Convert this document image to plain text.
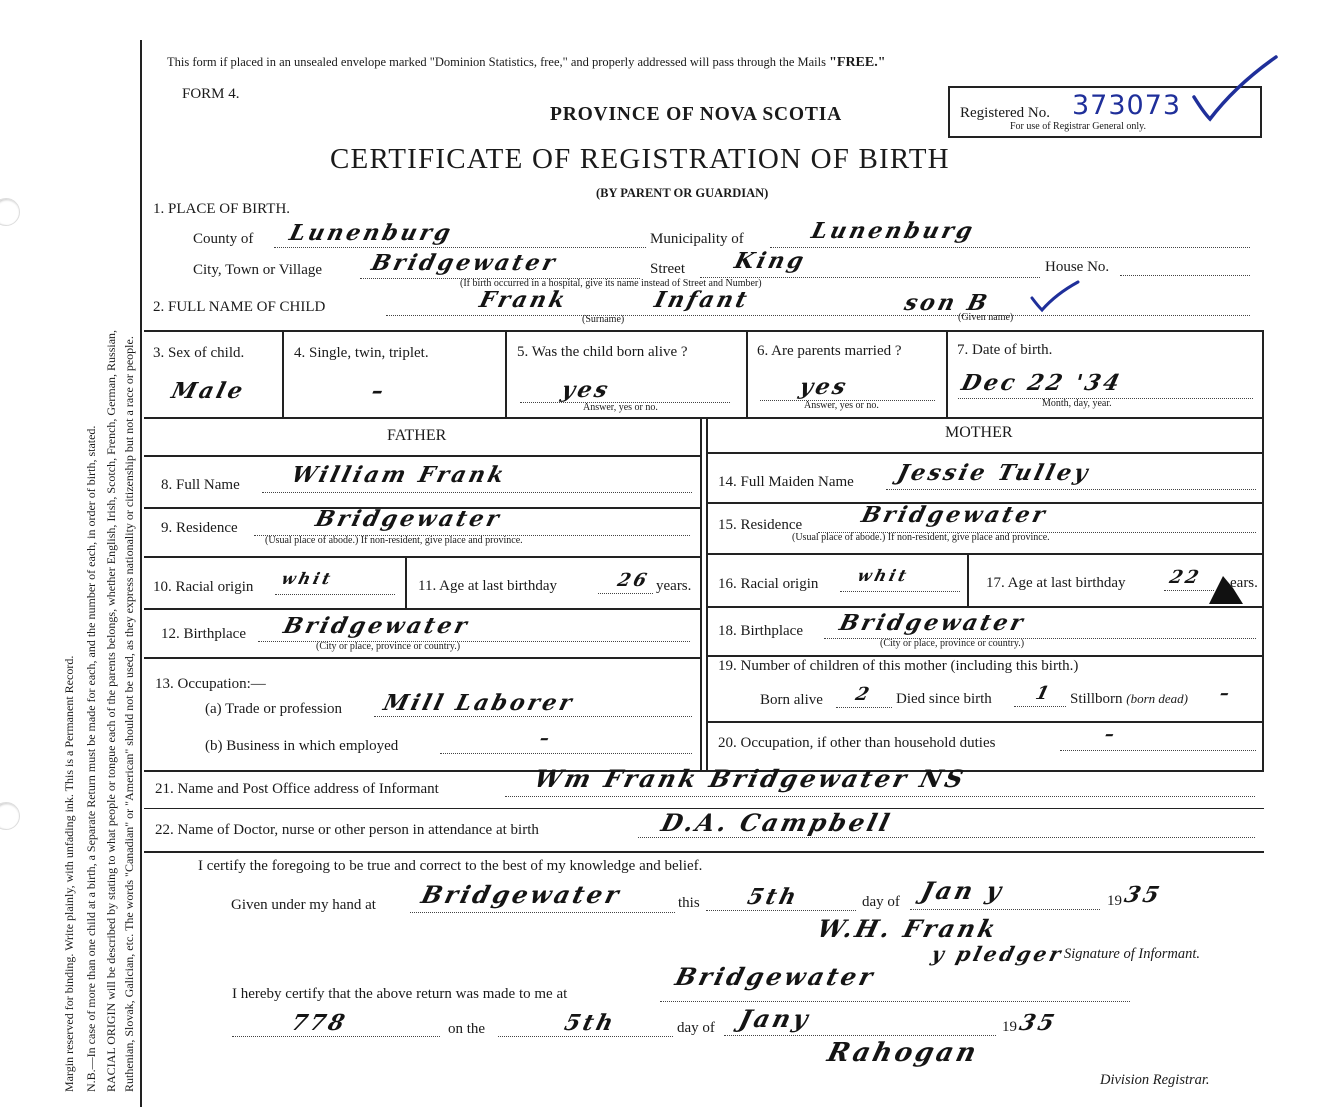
Margin reserved for binding. Write plainly, with unfading ink. This is a Permanent Record. N.B.—In case of more than one child at a birth, a Separate Return must be made for each, and the number of each, in order of birth, stated. RACIAL ORIGIN will be described by stating to what people or tongue each of the parents belongs, whether English, Irish, Scotch, French, German, Russian, Ruthenian, Slovak, Galician, etc. The words "Canadian" or "American" should not be used, as they express nationality or citizenship but not a race or people.
This form if placed in an unsealed envelope marked "Dominion Statistics, free," and properly addressed will pass through the Mails "FREE."
FORM 4.
PROVINCE OF NOVA SCOTIA
CERTIFICATE OF REGISTRATION OF BIRTH
(BY PARENT OR GUARDIAN)
Registered No. 373073
For use of Registrar General only.
1. PLACE OF BIRTH.
County of Lunenburg	Municipality of	Lunenburg
City, Town or Village Bridgewater	Street King	House No.
(If birth occurred in a hospital, give its name instead of Street and Number)
2. FULL NAME OF CHILD	Frank	Infant	son B
(Surname)	(Given name)
3. Sex of child.
Male
4. Single, twin, triplet.
–
5. Was the child born alive ?
yes
Answer, yes or no.
6. Are parents married ?
yes
Answer, yes or no.
7. Date of birth.
Dec 22 '34
Month, day, year.
FATHER
8. Full Name William Frank
9. Residence	Bridgewater
(Usual place of abode.) If non-resident, give place and province.
10. Racial origin whit	11. Age at last birthday	26 years.
12. Birthplace Bridgewater
(City or place, province or country.)
13. Occupation:—
(a) Trade or profession Mill Laborer
(b) Business in which employed	–
MOTHER
14. Full Maiden Name Jessie Tulley
15. Residence	Bridgewater
(Usual place of abode.) If non-resident, give place and province.
16. Racial origin whit	17. Age at last birthday 22 ears.
18. Birthplace Bridgewater
(City or place, province or country.)
19. Number of children of this mother (including this birth.)
Born alive 2 Died since birth 1 Stillborn (born dead) –
20. Occupation, if other than household duties	–
21. Name and Post Office address of Informant	Wm Frank Bridgewater NS
22. Name of Doctor, nurse or other person in attendance at birth	D.A. Campbell
I certify the foregoing to be true and correct to the best of my knowledge and belief.
Given under my hand at Bridgewater	this 5th	day of Jan y	19 35
W.H. Frank
y pledger
Signature of Informant.
I hereby certify that the above return was made to me at
Bridgewater
778	on the	5th	day of Jany	19 35
Rahogan
Division Registrar.
